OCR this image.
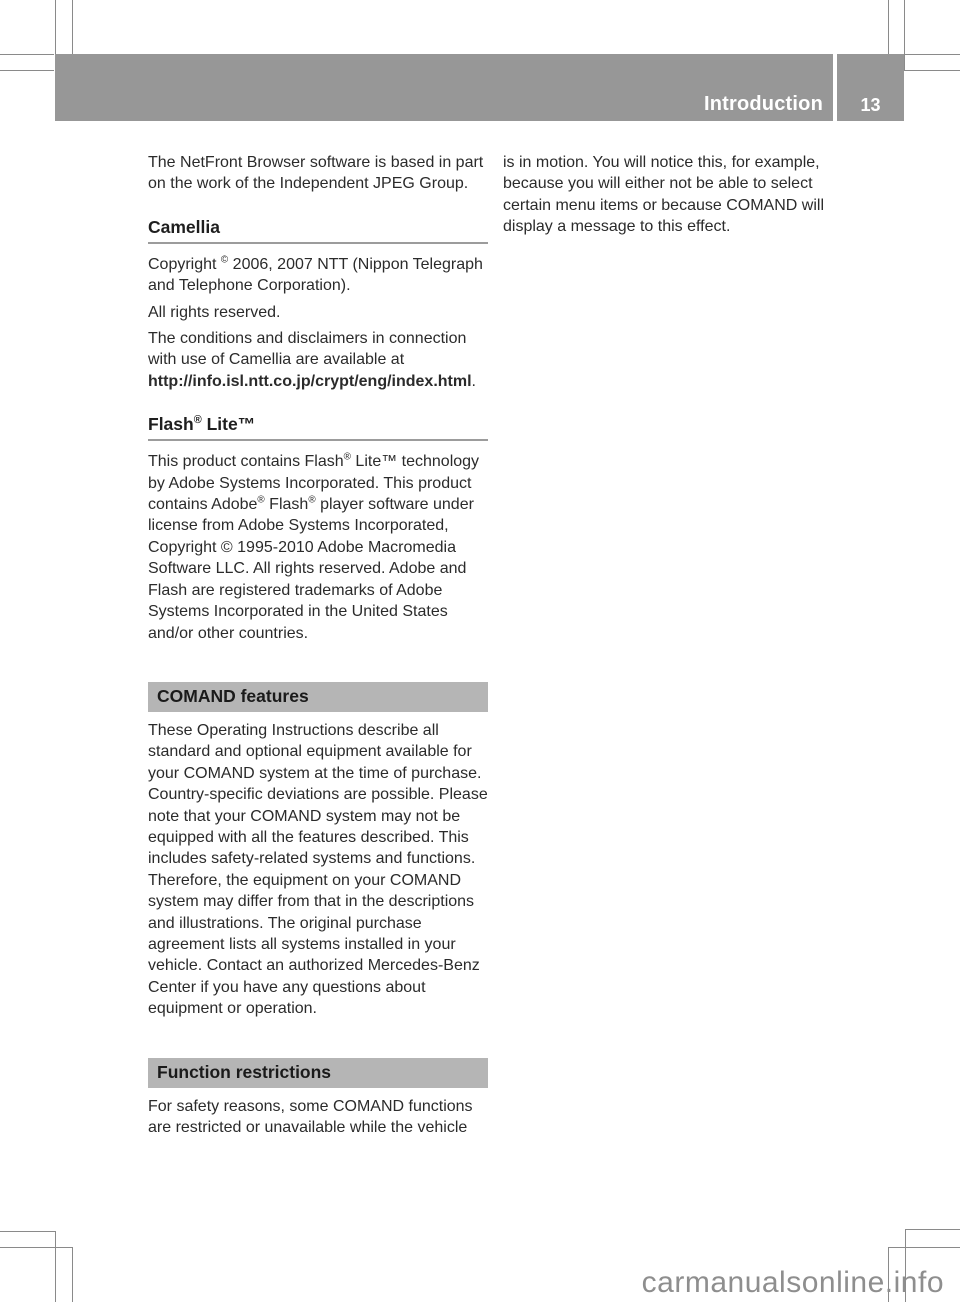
Introduction 13

The NetFront Browser software is based in part on the work of the Independent JPEG Group.

Camellia

Copyright © 2006, 2007 NTT (Nippon Telegraph and Telephone Corporation).

All rights reserved.

The conditions and disclaimers in connection with use of Camellia are available at http://info.isl.ntt.co.jp/crypt/eng/index.html.

Flash® Lite™

This product contains Flash® Lite™ technology by Adobe Systems Incorporated. This product contains Adobe® Flash® player software under license from Adobe Systems Incorporated, Copyright © 1995-2010 Adobe Macromedia Software LLC. All rights reserved. Adobe and Flash are registered trademarks of Adobe Systems Incorporated in the United States and/or other countries.

COMAND features

These Operating Instructions describe all standard and optional equipment available for your COMAND system at the time of purchase. Country-specific deviations are possible. Please note that your COMAND system may not be equipped with all the features described. This includes safety-related systems and functions. Therefore, the equipment on your COMAND system may differ from that in the descriptions and illustrations. The original purchase agreement lists all systems installed in your vehicle. Contact an authorized Mercedes-Benz Center if you have any questions about equipment or operation.

Function restrictions

For safety reasons, some COMAND functions are restricted or unavailable while the vehicle

is in motion. You will notice this, for example, because you will either not be able to select certain menu items or because COMAND will display a message to this effect.

carmanualsonline.info
